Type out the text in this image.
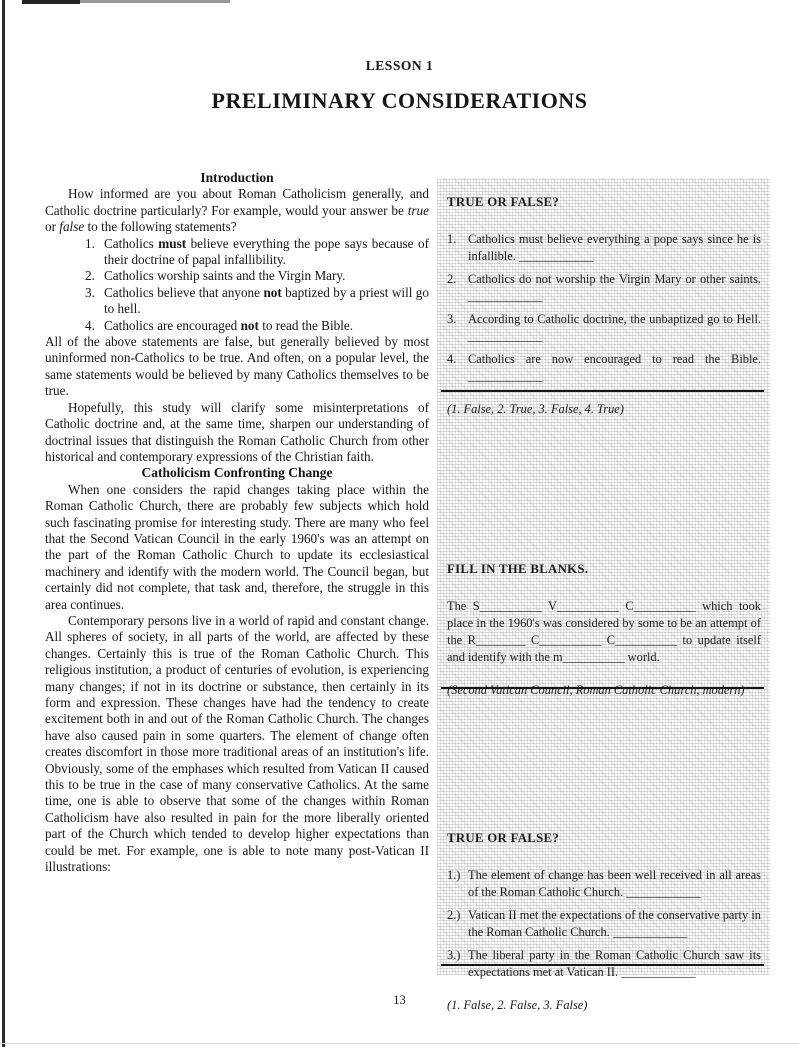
LESSON 1
PRELIMINARY CONSIDERATIONS

Introduction

How informed are you about Roman Catholicism generally, and Catholic doctrine particularly? For example, would your answer be true or false to the following statements?

1. Catholics must believe everything the pope says because of their doctrine of papal infallibility.
2. Catholics worship saints and the Virgin Mary.
3. Catholics believe that anyone not baptized by a priest will go to hell.
4. Catholics are encouraged not to read the Bible.

All of the above statements are false, but generally believed by most uninformed non-Catholics to be true. And often, on a popular level, the same statements would be believed by many Catholics themselves to be true.

Hopefully, this study will clarify some misinterpretations of Catholic doctrine and, at the same time, sharpen our understanding of doctrinal issues that distinguish the Roman Catholic Church from other historical and contemporary expressions of the Christian faith.

Catholicism Confronting Change

When one considers the rapid changes taking place within the Roman Catholic Church, there are probably few subjects which hold such fascinating promise for interesting study. There are many who feel that the Second Vatican Council in the early 1960's was an attempt on the part of the Roman Catholic Church to update its ecclesiastical machinery and identify with the modern world. The Council began, but certainly did not complete, that task and, therefore, the struggle in this area continues.

Contemporary persons live in a world of rapid and constant change. All spheres of society, in all parts of the world, are affected by these changes. Certainly this is true of the Roman Catholic Church. This religious institution, a product of centuries of evolution, is experiencing many changes; if not in its doctrine or substance, then certainly in its form and expression. These changes have had the tendency to create excitement both in and out of the Roman Catholic Church. The changes have also caused pain in some quarters. The element of change often creates discomfort in those more traditional areas of an institution's life. Obviously, some of the emphases which resulted from Vatican II caused this to be true in the case of many conservative Catholics. At the same time, one is able to observe that some of the changes within Roman Catholicism have also resulted in pain for the more liberally oriented part of the Church which tended to develop higher expectations than could be met. For example, one is able to note many post-Vatican II illustrations:

TRUE OR FALSE?

1. Catholics must believe everything a pope says since he is infallible. ____________
2. Catholics do not worship the Virgin Mary or other saints. ____________
3. According to Catholic doctrine, the unbaptized go to Hell. ____________
4. Catholics are now encouraged to read the Bible. ____________

(1. False, 2. True, 3. False, 4. True)

FILL IN THE BLANKS.

The S__________ V__________ C__________ which took place in the 1960's was considered by some to be an attempt of the R________ C__________ C__________ to update itself and identify with the m__________ world.

(Second Vatican Council, Roman Catholic Church, modern)

TRUE OR FALSE?

1.) The element of change has been well received in all areas of the Roman Catholic Church. ____________
2.) Vatican II met the expectations of the conservative party in the Roman Catholic Church. ____________
3.) The liberal party in the Roman Catholic Church saw its expectations met at Vatican II. ____________

(1. False, 2. False, 3. False)

13
